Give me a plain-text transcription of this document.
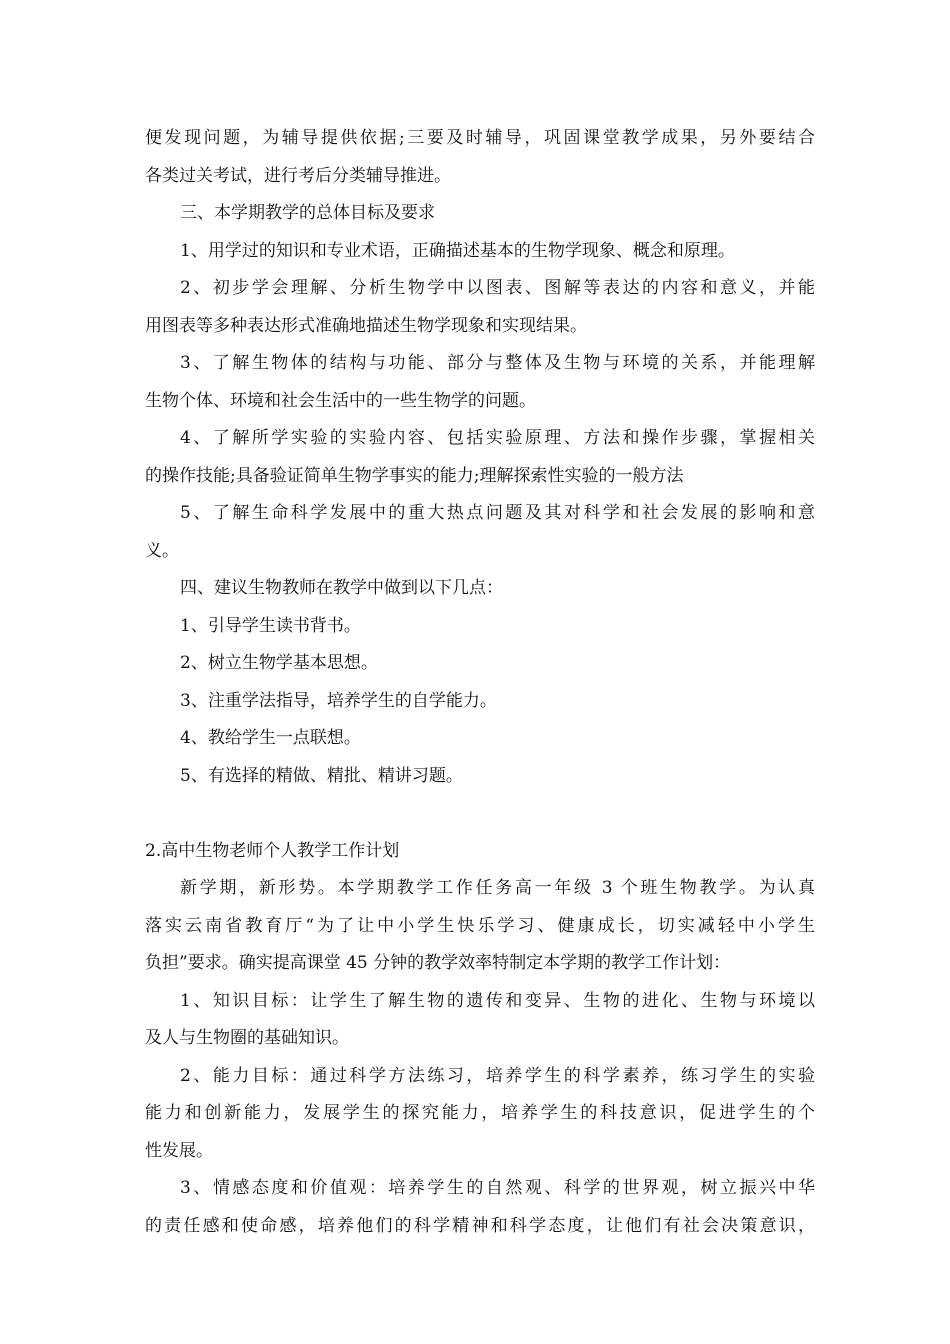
便发现问题，为辅导提供依据;三要及时辅导，巩固课堂教学成果，另外要结合
各类过关考试，进行考后分类辅导推进。
三、本学期教学的总体目标及要求
1、用学过的知识和专业术语，正确描述基本的生物学现象、概念和原理。
2、初步学会理解、分析生物学中以图表、图解等表达的内容和意义，并能
用图表等多种表达形式准确地描述生物学现象和实现结果。
3、了解生物体的结构与功能、部分与整体及生物与环境的关系，并能理解
生物个体、环境和社会生活中的一些生物学的问题。
4、了解所学实验的实验内容、包括实验原理、方法和操作步骤，掌握相关
的操作技能;具备验证简单生物学事实的能力;理解探索性实验的一般方法
5、了解生命科学发展中的重大热点问题及其对科学和社会发展的影响和意
义。
四、建议生物教师在教学中做到以下几点：
1、引导学生读书背书。
2、树立生物学基本思想。
3、注重学法指导，培养学生的自学能力。
4、教给学生一点联想。
5、有选择的精做、精批、精讲习题。
2.高中生物老师个人教学工作计划
新学期，新形势。本学期教学工作任务高一年级 3 个班生物教学。为认真
落实云南省教育厅“为了让中小学生快乐学习、健康成长，切实减轻中小学生
负担”要求。确实提高课堂 45 分钟的教学效率特制定本学期的教学工作计划：
1、知识目标：让学生了解生物的遗传和变异、生物的进化、生物与环境以
及人与生物圈的基础知识。
2、能力目标：通过科学方法练习，培养学生的科学素养，练习学生的实验
能力和创新能力，发展学生的探究能力，培养学生的科技意识，促进学生的个
性发展。
3、情感态度和价值观：培养学生的自然观、科学的世界观，树立振兴中华
的责任感和使命感，培养他们的科学精神和科学态度，让他们有社会决策意识，
